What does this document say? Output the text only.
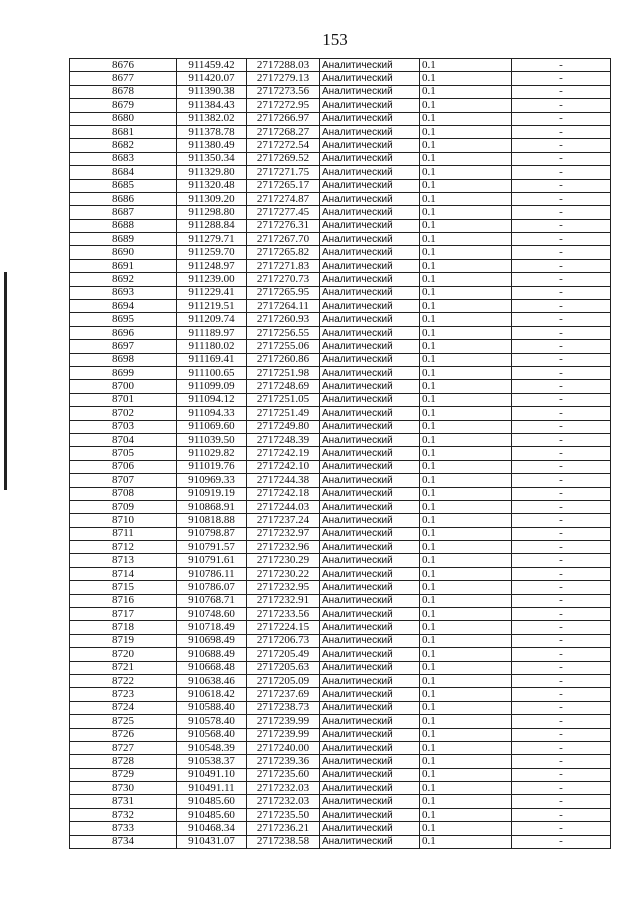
153
8676	911459.42	2717288.03	Аналитический	0.1	-
8677	911420.07	2717279.13	Аналитический	0.1	-
8678	911390.38	2717273.56	Аналитический	0.1	-
8679	911384.43	2717272.95	Аналитический	0.1	-
8680	911382.02	2717266.97	Аналитический	0.1	-
8681	911378.78	2717268.27	Аналитический	0.1	-
8682	911380.49	2717272.54	Аналитический	0.1	-
8683	911350.34	2717269.52	Аналитический	0.1	-
8684	911329.80	2717271.75	Аналитический	0.1	-
8685	911320.48	2717265.17	Аналитический	0.1	-
8686	911309.20	2717274.87	Аналитический	0.1	-
8687	911298.80	2717277.45	Аналитический	0.1	-
8688	911288.84	2717276.31	Аналитический	0.1	-
8689	911279.71	2717267.70	Аналитический	0.1	-
8690	911259.70	2717265.82	Аналитический	0.1	-
8691	911248.97	2717271.83	Аналитический	0.1	-
8692	911239.00	2717270.73	Аналитический	0.1	-
8693	911229.41	2717265.95	Аналитический	0.1	-
8694	911219.51	2717264.11	Аналитический	0.1	-
8695	911209.74	2717260.93	Аналитический	0.1	-
8696	911189.97	2717256.55	Аналитический	0.1	-
8697	911180.02	2717255.06	Аналитический	0.1	-
8698	911169.41	2717260.86	Аналитический	0.1	-
8699	911100.65	2717251.98	Аналитический	0.1	-
8700	911099.09	2717248.69	Аналитический	0.1	-
8701	911094.12	2717251.05	Аналитический	0.1	-
8702	911094.33	2717251.49	Аналитический	0.1	-
8703	911069.60	2717249.80	Аналитический	0.1	-
8704	911039.50	2717248.39	Аналитический	0.1	-
8705	911029.82	2717242.19	Аналитический	0.1	-
8706	911019.76	2717242.10	Аналитический	0.1	-
8707	910969.33	2717244.38	Аналитический	0.1	-
8708	910919.19	2717242.18	Аналитический	0.1	-
8709	910868.91	2717244.03	Аналитический	0.1	-
8710	910818.88	2717237.24	Аналитический	0.1	-
8711	910798.87	2717232.97	Аналитический	0.1	-
8712	910791.57	2717232.96	Аналитический	0.1	-
8713	910791.61	2717230.29	Аналитический	0.1	-
8714	910786.11	2717230.22	Аналитический	0.1	-
8715	910786.07	2717232.95	Аналитический	0.1	-
8716	910768.71	2717232.91	Аналитический	0.1	-
8717	910748.60	2717233.56	Аналитический	0.1	-
8718	910718.49	2717224.15	Аналитический	0.1	-
8719	910698.49	2717206.73	Аналитический	0.1	-
8720	910688.49	2717205.49	Аналитический	0.1	-
8721	910668.48	2717205.63	Аналитический	0.1	-
8722	910638.46	2717205.09	Аналитический	0.1	-
8723	910618.42	2717237.69	Аналитический	0.1	-
8724	910588.40	2717238.73	Аналитический	0.1	-
8725	910578.40	2717239.99	Аналитический	0.1	-
8726	910568.40	2717239.99	Аналитический	0.1	-
8727	910548.39	2717240.00	Аналитический	0.1	-
8728	910538.37	2717239.36	Аналитический	0.1	-
8729	910491.10	2717235.60	Аналитический	0.1	-
8730	910491.11	2717232.03	Аналитический	0.1	-
8731	910485.60	2717232.03	Аналитический	0.1	-
8732	910485.60	2717235.50	Аналитический	0.1	-
8733	910468.34	2717236.21	Аналитический	0.1	-
8734	910431.07	2717238.58	Аналитический	0.1	-
